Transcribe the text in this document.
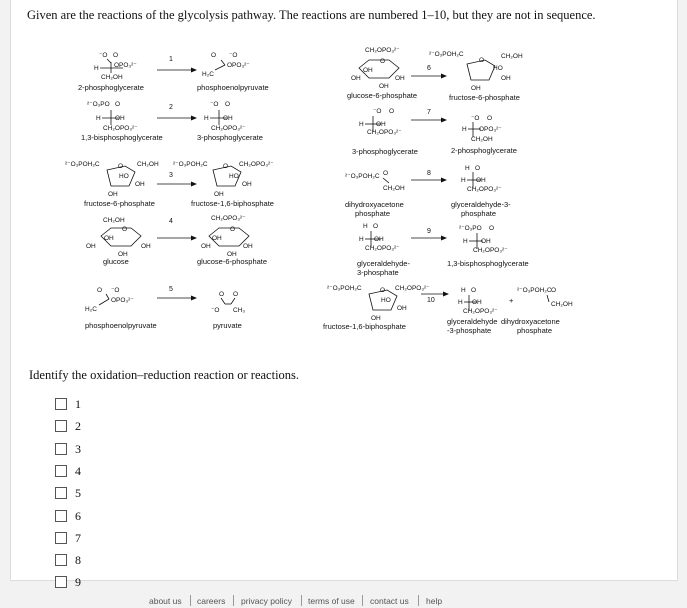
Given are the reactions of the glycolysis pathway. The reactions are numbered 1–10, but they are not in sequence.
⁻O O
H OPO₃²⁻
CH₂OH
2-phosphoglycerate
1
O ⁻O
H₂C
OPO₃²⁻
phosphoenolpyruvate
²⁻O₃PO O
H OH
CH₂OPO₃²⁻
1,3-bisphosphoglycerate
2	⁻O O
H OH
CH₂OPO₃²⁻
3-phosphoglycerate
²⁻O₃POH₂C	O CH₂OH
HO
OH
OH
fructose-6-phosphate
3
²⁻O₃POH₂C O CH₂OPO₃²⁻
HO
OH
OH
fructose-1,6-biphosphate
CH₂OH
O
OH
OH	OH
OH
glucose
4	CH₂OPO₃²⁻
O
OH
OH	OH
OH
glucose-6-phosphate
O ⁻O
H₂C
OPO₃²⁻
phosphoenolpyruvate
5
O O
⁻O CH₃
pyruvate
CH₂OPO₃²⁻
O
OH
OH	OH
OH
glucose-6-phosphate
6
²⁻O₃POH₂C
O
CH₂OH
HO
OH
OH
fructose-6-phosphate
⁻O O
H OH
CH₂OPO₃²⁻
3-phosphoglycerate
7
⁻O O
H OPO₃²⁻
CH₂OH
2-phosphoglycerate
²⁻O₃POH₂C O
CH₂OH
dihydroxyacetone
phosphate
8
H O
H OH
CH₂OPO₃²⁻
glyceraldehyde-3-
phosphate
H O
H OH
CH₂OPO₃²⁻
glyceraldehyde-
3-phosphate
9	²⁻O₃PO O
H OH
CH₂OPO₃²⁻
1,3-bisphosphoglycerate
²⁻O₃POH₂C	O CH₂OPO₃²⁻
HO
OH
OH
fructose-1,6-biphosphate
10
H O
H OH
CH₂OPO₃²⁻
+
²⁻O₃POH₂C O
CH₂OH
glyceraldehyde
-3-phosphate
dihydroxyacetone
phosphate
Identify the oxidation–reduction reaction or reactions.
1
2
3
4
5
6
7
8
9
about us careers privacy policy terms of use contact us help
